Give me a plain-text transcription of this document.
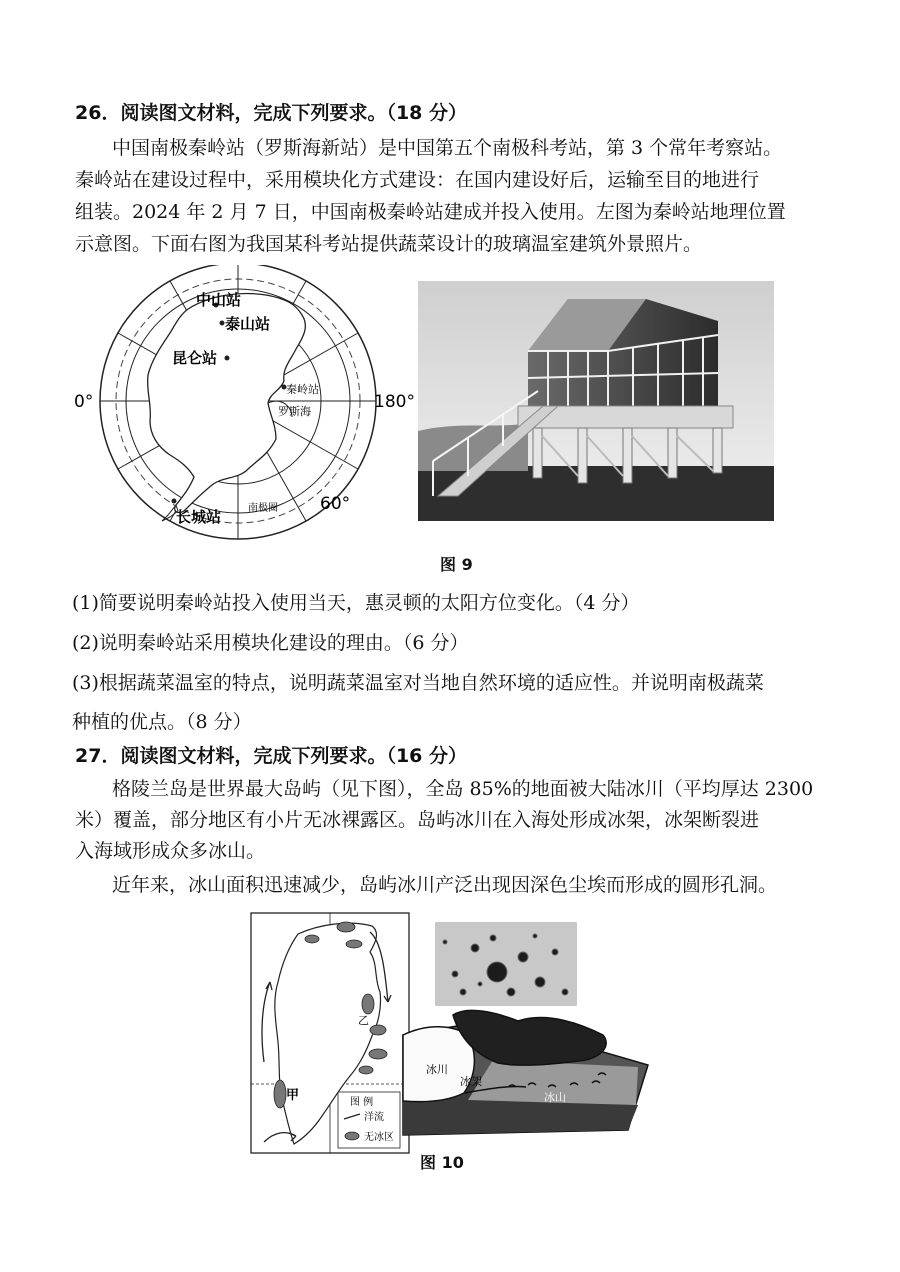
26．阅读图文材料，完成下列要求。（18 分）
中国南极秦岭站（罗斯海新站）是中国第五个南极科考站，第 3 个常年考察站。
秦岭站在建设过程中，采用模块化方式建设：在国内建设好后，运输至目的地进行
组装。2024 年 2 月 7 日，中国南极秦岭站建成并投入使用。左图为秦岭站地理位置
示意图。下面右图为我国某科考站提供蔬菜设计的玻璃温室建筑外景照片。
中山站
泰山站
昆仑站
秦岭站
罗斯海
长城站	南极圈
0°	180°
60°
图 9
(1)简要说明秦岭站投入使用当天，惠灵顿的太阳方位变化。（4 分）
(2)说明秦岭站采用模块化建设的理由。（6 分）
(3)根据蔬菜温室的特点，说明蔬菜温室对当地自然环境的适应性。并说明南极蔬菜
种植的优点。（8 分）
27．阅读图文材料，完成下列要求。（16 分）
格陵兰岛是世界最大岛屿（见下图），全岛 85%的地面被大陆冰川（平均厚达 2300
米）覆盖，部分地区有小片无冰裸露区。岛屿冰川在入海处形成冰架，冰架断裂进
入海域形成众多冰山。
近年来，冰山面积迅速减少，岛屿冰川产泛出现因深色尘埃而形成的圆形孔洞。
图 例
洋流
无冰区
甲
乙
冰川
冰架
冰山
图 10
